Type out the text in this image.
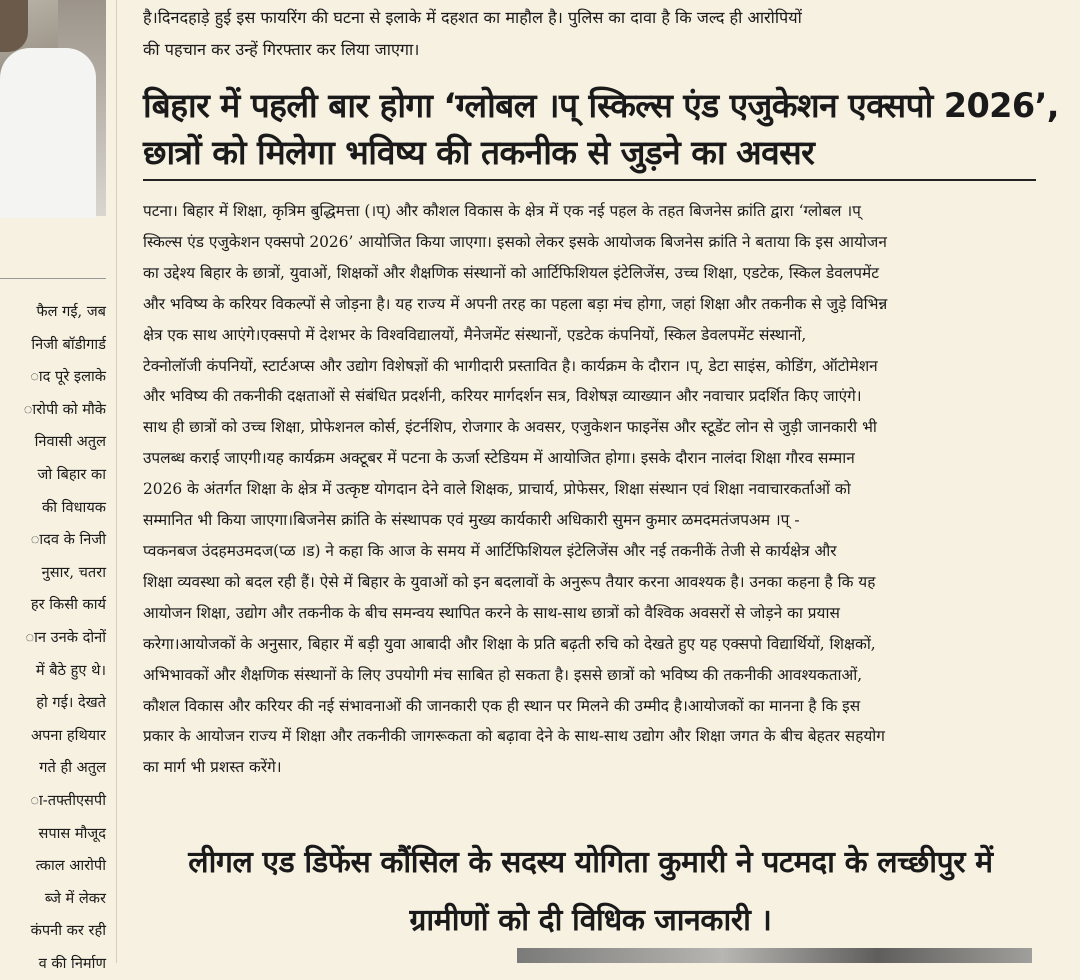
फैल गई, जब
निजी बॉडीगार्ड
ाद पूरे इलाके
ारोपी को मौके
निवासी अतुल
जो बिहार का
की विधायक
ादव के निजी
नुसार, चतरा
हर किसी कार्य
ान उनके दोनों
में बैठे हुए थे।
हो गई। देखते
अपना हथियार
गते ही अतुल
ा-तफ्तीएसपी
सपास मौजूद
त्काल आरोपी
ब्जे में लेकर
कंपनी कर रही
व की निर्माण
है।दिनदहाड़े हुई इस फायरिंग की घटना से इलाके में दहशत का माहौल है। पुलिस का दावा है कि जल्द ही आरोपियों
की पहचान कर उन्हें गिरफ्तार कर लिया जाएगा।
बिहार में पहली बार होगा ‘ग्लोबल ।प् स्किल्स एंड एजुकेशन एक्सपो 2026’,
छात्रों को मिलेगा भविष्य की तकनीक से जुड़ने का अवसर
पटना। बिहार में शिक्षा, कृत्रिम बुद्धिमत्ता (।प्) और कौशल विकास के क्षेत्र में एक नई पहल के तहत बिजनेस क्रांति द्वारा ‘ग्लोबल ।प्
स्किल्स एंड एजुकेशन एक्सपो 2026’ आयोजित किया जाएगा। इसको लेकर इसके आयोजक बिजनेस क्रांति ने बताया कि इस आयोजन
का उद्देश्य बिहार के छात्रों, युवाओं, शिक्षकों और शैक्षणिक संस्थानों को आर्टिफिशियल इंटेलिजेंस, उच्च शिक्षा, एडटेक, स्किल डेवलपमेंट
और भविष्य के करियर विकल्पों से जोड़ना है। यह राज्य में अपनी तरह का पहला बड़ा मंच होगा, जहां शिक्षा और तकनीक से जुड़े विभिन्न
क्षेत्र एक साथ आएंगे।एक्सपो में देशभर के विश्वविद्यालयों, मैनेजमेंट संस्थानों, एडटेक कंपनियों, स्किल डेवलपमेंट संस्थानों,
टेक्नोलॉजी कंपनियों, स्टार्टअप्स और उद्योग विशेषज्ञों की भागीदारी प्रस्तावित है। कार्यक्रम के दौरान ।प्, डेटा साइंस, कोडिंग, ऑटोमेशन
और भविष्य की तकनीकी दक्षताओं से संबंधित प्रदर्शनी, करियर मार्गदर्शन सत्र, विशेषज्ञ व्याख्यान और नवाचार प्रदर्शित किए जाएंगे।
साथ ही छात्रों को उच्च शिक्षा, प्रोफेशनल कोर्स, इंटर्नशिप, रोजगार के अवसर, एजुकेशन फाइनेंस और स्टूडेंट लोन से जुड़ी जानकारी भी
उपलब्ध कराई जाएगी।यह कार्यक्रम अक्टूबर में पटना के ऊर्जा स्टेडियम में आयोजित होगा। इसके दौरान नालंदा शिक्षा गौरव सम्मान
2026 के अंतर्गत शिक्षा के क्षेत्र में उत्कृष्ट योगदान देने वाले शिक्षक, प्राचार्य, प्रोफेसर, शिक्षा संस्थान एवं शिक्षा नवाचारकर्ताओं को
सम्मानित भी किया जाएगा।बिजनेस क्रांति के संस्थापक एवं मुख्य कार्यकारी अधिकारी सुमन कुमार ळमदमतंजपअम ।प् -
प्वकनबज उंदहमउमदज(प्ळ ।ड) ने कहा कि आज के समय में आर्टिफिशियल इंटेलिजेंस और नई तकनीकें तेजी से कार्यक्षेत्र और
शिक्षा व्यवस्था को बदल रही हैं। ऐसे में बिहार के युवाओं को इन बदलावों के अनुरूप तैयार करना आवश्यक है। उनका कहना है कि यह
आयोजन शिक्षा, उद्योग और तकनीक के बीच समन्वय स्थापित करने के साथ-साथ छात्रों को वैश्विक अवसरों से जोड़ने का प्रयास
करेगा।आयोजकों के अनुसार, बिहार में बड़ी युवा आबादी और शिक्षा के प्रति बढ़ती रुचि को देखते हुए यह एक्सपो विद्यार्थियों, शिक्षकों,
अभिभावकों और शैक्षणिक संस्थानों के लिए उपयोगी मंच साबित हो सकता है। इससे छात्रों को भविष्य की तकनीकी आवश्यकताओं,
कौशल विकास और करियर की नई संभावनाओं की जानकारी एक ही स्थान पर मिलने की उम्मीद है।आयोजकों का मानना है कि इस
प्रकार के आयोजन राज्य में शिक्षा और तकनीकी जागरूकता को बढ़ावा देने के साथ-साथ उद्योग और शिक्षा जगत के बीच बेहतर सहयोग
का मार्ग भी प्रशस्त करेंगे।
लीगल एड डिफेंस कौंसिल के सदस्य योगिता कुमारी ने पटमदा के लच्छीपुर में
ग्रामीणों को दी विधिक जानकारी ।
